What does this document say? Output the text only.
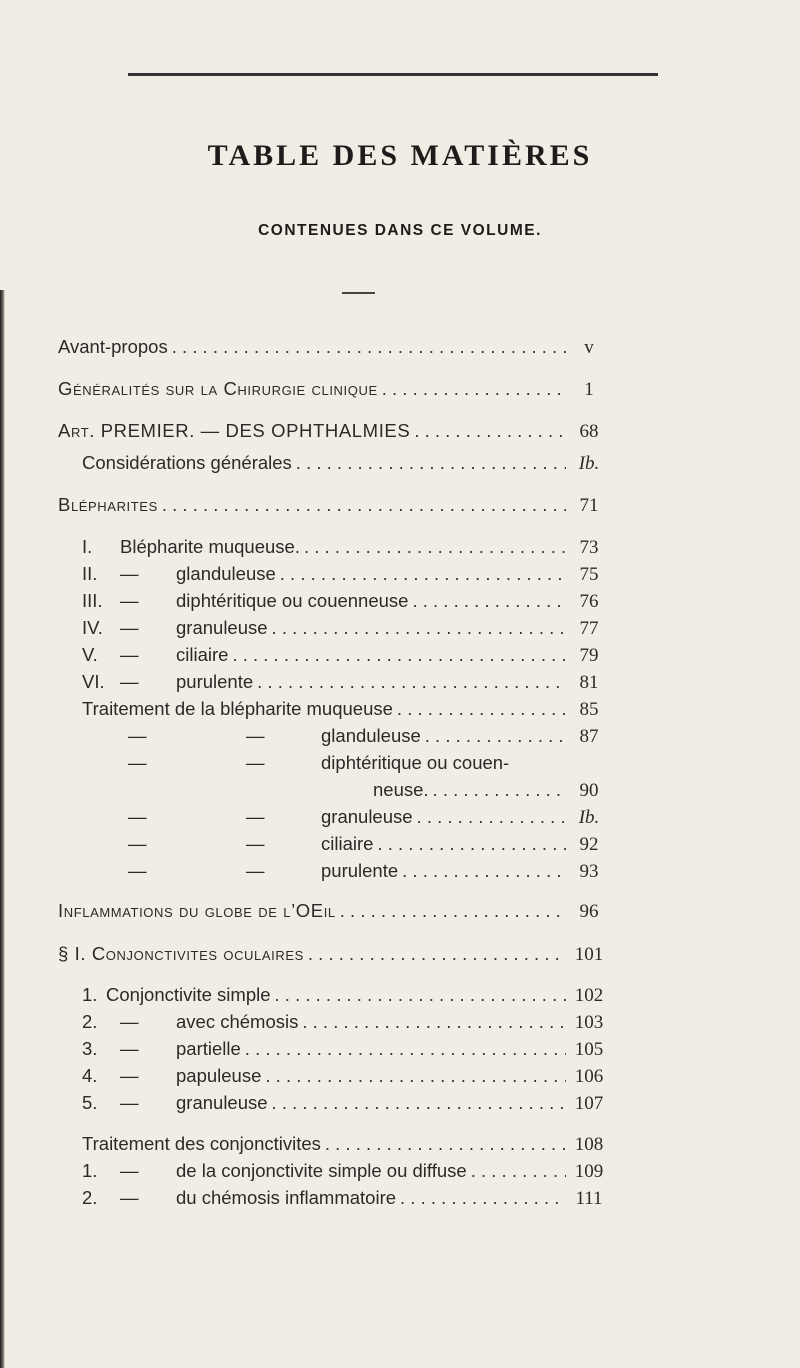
TABLE DES MATIÈRES
CONTENUES DANS CE VOLUME.
Avant-propos . . .	v
Généralités sur la Chirurgie clinique . . .	1
Art. PREMIER. — DES OPHTHALMIES . . .	68
Considérations générales . . .	Ib.
Blépharites . . .	71
I. Blépharite muqueuse. . . .	73
II. — glanduleuse . . .	75
III. — diphtéritique ou couenneuse . . .	76
IV. — granuleuse . . .	77
V. — ciliaire . . .	79
VI. — purulente . . .	81
Traitement de la blépharite muqueuse . . .	85
—	—	glanduleuse . . .	87
—	—	diphtéritique ou couen-
neuse. . . .	90
—	—	granuleuse . . .	Ib.
—	—	ciliaire . . .	92
—	—	purulente . . .	93
Inflammations du globe de l’OEil . . .	96
§ I. Conjonctivites oculaires . . .	101
1. Conjonctivite simple . . .	102
2. — avec chémosis . . .	103
3. — partielle . . .	105
4. — papuleuse . . .	106
5. — granuleuse . . .	107
Traitement des conjonctivites . . .	108
1. — de la conjonctivite simple ou diffuse . . .	109
2. — du chémosis inflammatoire . . .	111
